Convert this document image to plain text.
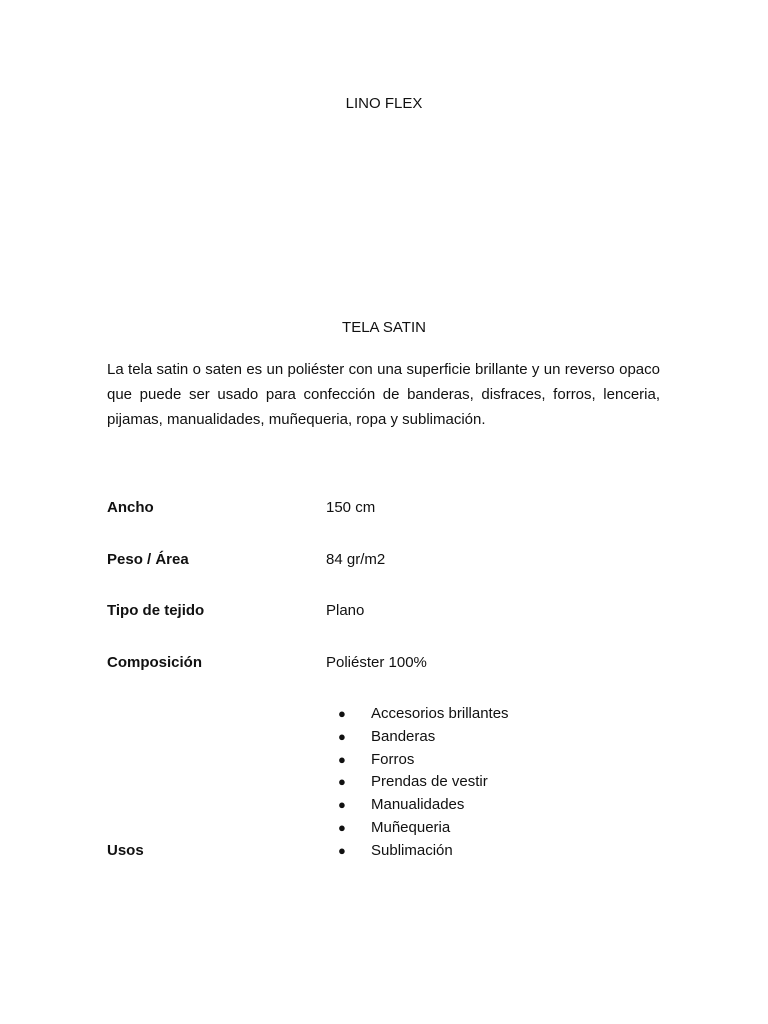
LINO FLEX
TELA SATIN

La tela satin o saten es un poliéster con una superficie brillante y un reverso opaco que puede ser usado para confección de banderas, disfraces, forros, lenceria, pijamas, manualidades, muñequeria, ropa y sublimación.

Ancho	150 cm
Peso / Área	84 gr/m2
Tipo de tejido	Plano
Composición	Poliéster 100%
Usos
● Accesorios brillantes
● Banderas
● Forros
● Prendas de vestir
● Manualidades
● Muñequeria
● Sublimación
